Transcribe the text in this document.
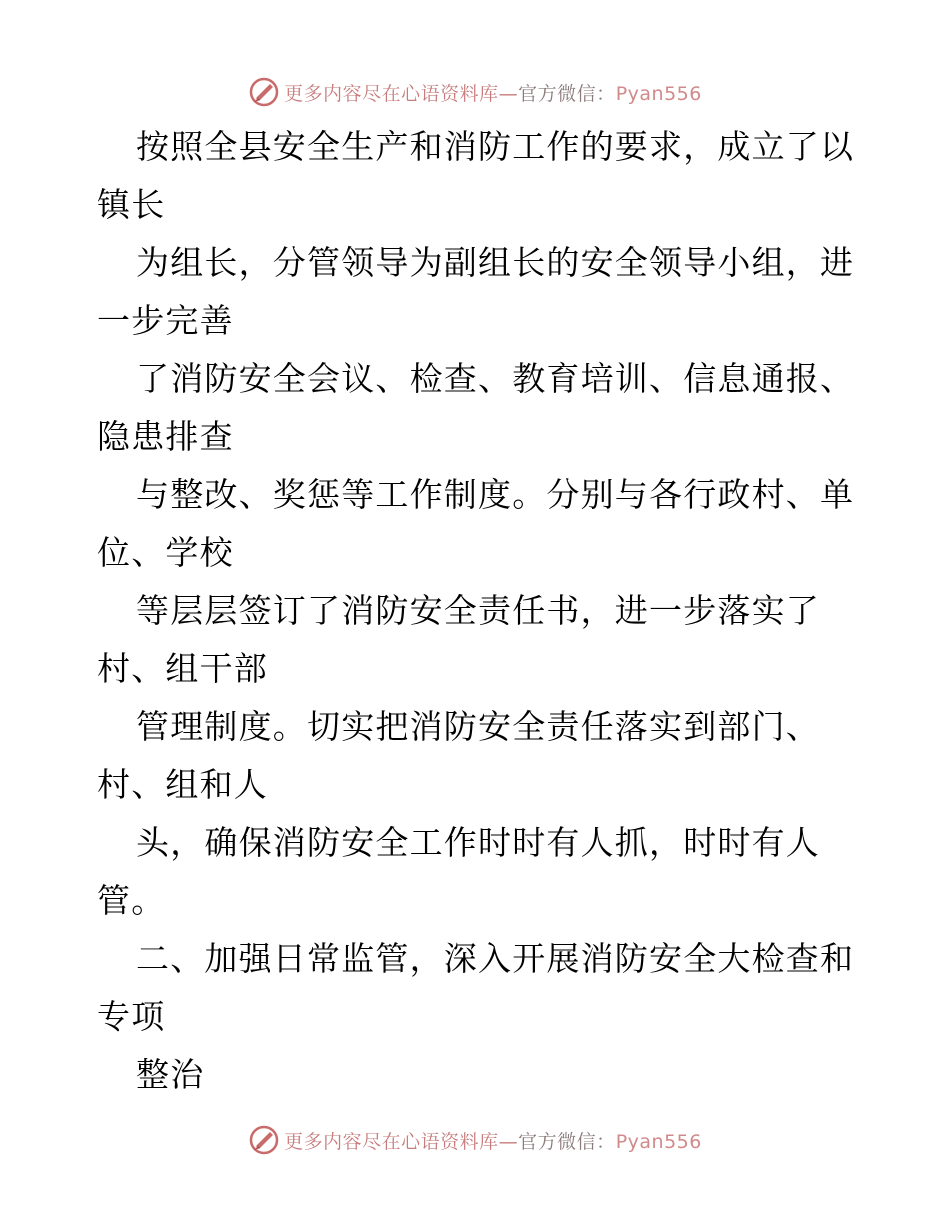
更多内容尽在心语资料库—官方微信：Pyan556
按照全县安全生产和消防工作的要求，成立了以
镇长
为组长，分管领导为副组长的安全领导小组，进
一步完善
了消防安全会议、检查、教育培训、信息通报、
隐患排查
与整改、奖惩等工作制度。分别与各行政村、单
位、学校
等层层签订了消防安全责任书，进一步落实了
村、组干部
管理制度。切实把消防安全责任落实到部门、
村、组和人
头，确保消防安全工作时时有人抓，时时有人
管。
二、加强日常监管，深入开展消防安全大检查和
专项
整治
更多内容尽在心语资料库—官方微信：Pyan556
